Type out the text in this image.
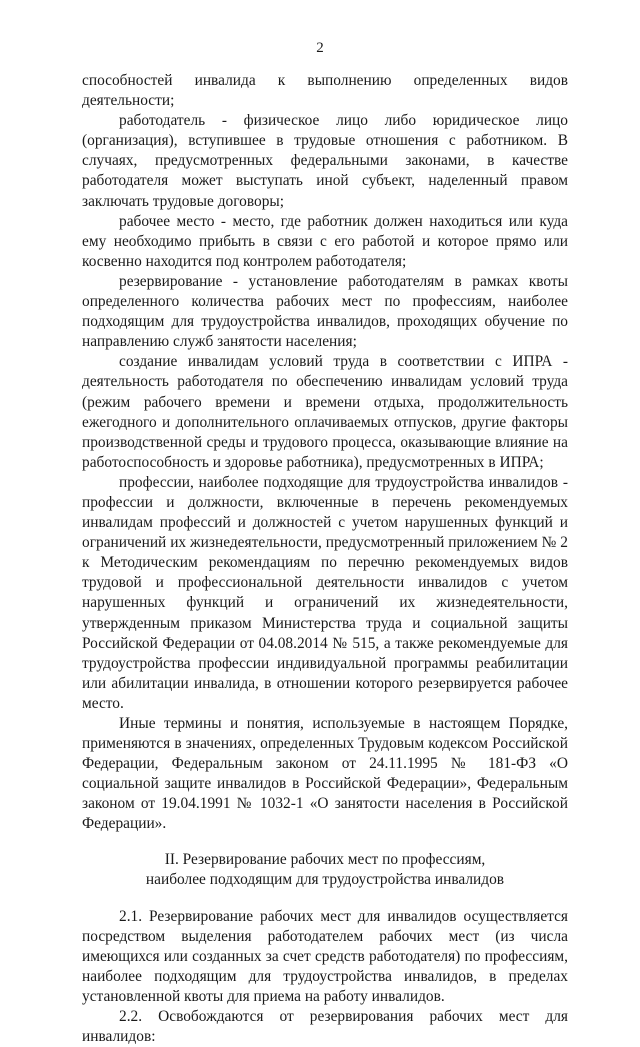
2

способностей инвалида к выполнению определенных видов деятельности;

работодатель - физическое лицо либо юридическое лицо (организация), вступившее в трудовые отношения с работником. В случаях, предусмотренных федеральными законами, в качестве работодателя может выступать иной субъект, наделенный правом заключать трудовые договоры;

рабочее место - место, где работник должен находиться или куда ему необходимо прибыть в связи с его работой и которое прямо или косвенно находится под контролем работодателя;

резервирование - установление работодателям в рамках квоты определенного количества рабочих мест по профессиям, наиболее подходящим для трудоустройства инвалидов, проходящих обучение по направлению служб занятости населения;

создание инвалидам условий труда в соответствии с ИПРА - деятельность работодателя по обеспечению инвалидам условий труда (режим рабочего времени и времени отдыха, продолжительность ежегодного и дополнительного оплачиваемых отпусков, другие факторы производственной среды и трудового процесса, оказывающие влияние на работоспособность и здоровье работника), предусмотренных в ИПРА;

профессии, наиболее подходящие для трудоустройства инвалидов - профессии и должности, включенные в перечень рекомендуемых инвалидам профессий и должностей с учетом нарушенных функций и ограничений их жизнедеятельности, предусмотренный приложением № 2 к Методическим рекомендациям по перечню рекомендуемых видов трудовой и профессиональной деятельности инвалидов с учетом нарушенных функций и ограничений их жизнедеятельности, утвержденным приказом Министерства труда и социальной защиты Российской Федерации от 04.08.2014 № 515, а также рекомендуемые для трудоустройства профессии индивидуальной программы реабилитации или абилитации инвалида, в отношении которого резервируется рабочее место.

Иные термины и понятия, используемые в настоящем Порядке, применяются в значениях, определенных Трудовым кодексом Российской Федерации, Федеральным законом от 24.11.1995 № 181-ФЗ «О социальной защите инвалидов в Российской Федерации», Федеральным законом от 19.04.1991 № 1032-1 «О занятости населения в Российской Федерации».

II. Резервирование рабочих мест по профессиям,
наиболее подходящим для трудоустройства инвалидов

2.1. Резервирование рабочих мест для инвалидов осуществляется посредством выделения работодателем рабочих мест (из числа имеющихся или созданных за счет средств работодателя) по профессиям, наиболее подходящим для трудоустройства инвалидов, в пределах установленной квоты для приема на работу инвалидов.

2.2. Освобождаются от резервирования рабочих мест для инвалидов:
